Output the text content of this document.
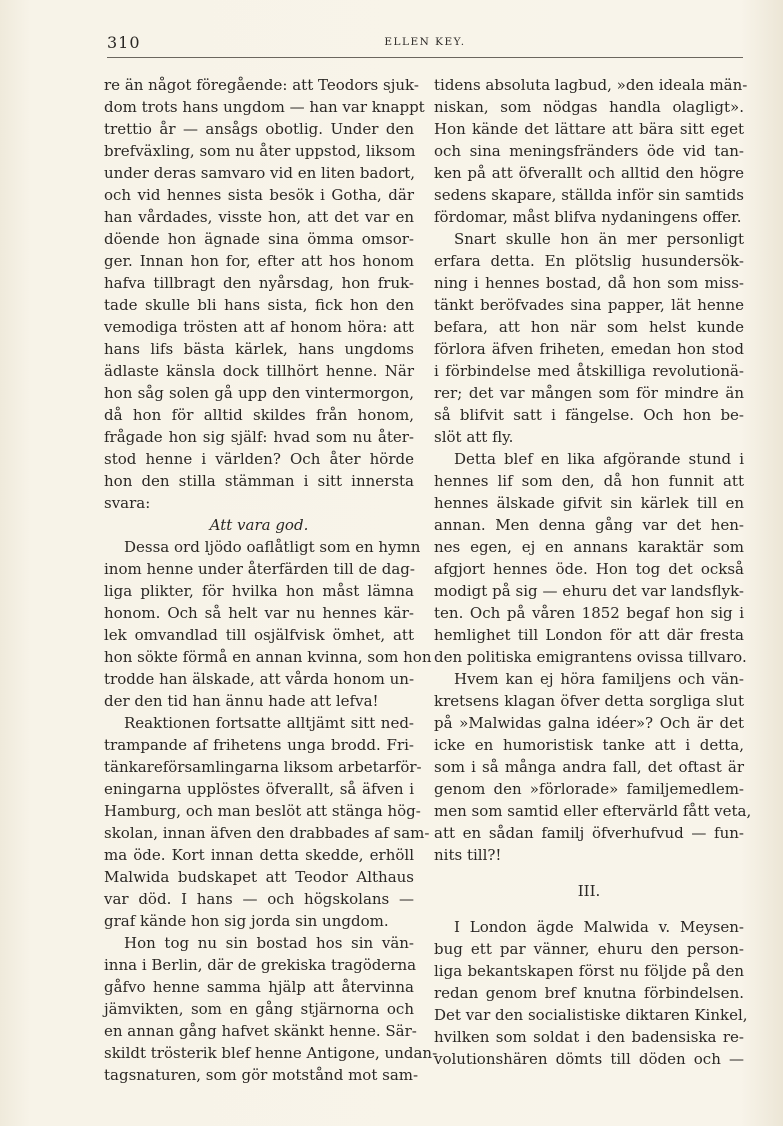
310	ELLEN KEY.
re än något föregående: att Teodors sjuk-
dom trots hans ungdom — han var knappt
trettio år — ansågs obotlig. Under den
brefväxling, som nu åter uppstod, liksom
under deras samvaro vid en liten badort,
och vid hennes sista besök i Gotha, där
han vårdades, visste hon, att det var en
döende hon ägnade sina ömma omsor-
ger. Innan hon for, efter att hos honom
hafva tillbragt den nyårsdag, hon fruk-
tade skulle bli hans sista, fick hon den
vemodiga trösten att af honom höra: att
hans lifs bästa kärlek, hans ungdoms
ädlaste känsla dock tillhört henne. När
hon såg solen gå upp den vintermorgon,
då hon för alltid skildes från honom,
frågade hon sig själf: hvad som nu åter-
stod henne i världen? Och åter hörde
hon den stilla stämman i sitt innersta
svara:
Att vara god.
Dessa ord ljödo oaflåtligt som en hymn
inom henne under återfärden till de dag-
liga plikter, för hvilka hon måst lämna
honom. Och så helt var nu hennes kär-
lek omvandlad till osjälfvisk ömhet, att
hon sökte förmå en annan kvinna, som hon
trodde han älskade, att vårda honom un-
der den tid han ännu hade att lefva!
Reaktionen fortsatte alltjämt sitt ned-
trampande af frihetens unga brodd. Fri-
tänkareförsamlingarna liksom arbetarför-
eningarna upplöstes öfverallt, så äfven i
Hamburg, och man beslöt att stänga hög-
skolan, innan äfven den drabbades af sam-
ma öde. Kort innan detta skedde, erhöll
Malwida budskapet att Teodor Althaus
var död. I hans — och högskolans —
graf kände hon sig jorda sin ungdom.
Hon tog nu sin bostad hos sin vän-
inna i Berlin, där de grekiska tragöderna
gåfvo henne samma hjälp att återvinna
jämvikten, som en gång stjärnorna och
en annan gång hafvet skänkt henne. Sär-
skildt trösterik blef henne Antigone, undan-
tagsnaturen, som gör motstånd mot sam-
tidens absoluta lagbud, »den ideala män-
niskan, som nödgas handla olagligt».
Hon kände det lättare att bära sitt eget
och sina meningsfränders öde vid tan-
ken på att öfverallt och alltid den högre
sedens skapare, ställda inför sin samtids
fördomar, måst blifva nydaningens offer.
Snart skulle hon än mer personligt
erfara detta. En plötslig husundersök-
ning i hennes bostad, då hon som miss-
tänkt beröfvades sina papper, lät henne
befara, att hon när som helst kunde
förlora äfven friheten, emedan hon stod
i förbindelse med åtskilliga revolutionä-
rer; det var mången som för mindre än
så blifvit satt i fängelse. Och hon be-
slöt att fly.
Detta blef en lika afgörande stund i
hennes lif som den, då hon funnit att
hennes älskade gifvit sin kärlek till en
annan. Men denna gång var det hen-
nes egen, ej en annans karaktär som
afgjort hennes öde. Hon tog det också
modigt på sig — ehuru det var landsflyk-
ten. Och på våren 1852 begaf hon sig i
hemlighet till London för att där fresta
den politiska emigrantens ovissa tillvaro.
Hvem kan ej höra familjens och vän-
kretsens klagan öfver detta sorgliga slut
på »Malwidas galna idéer»? Och är det
icke en humoristisk tanke att i detta,
som i så många andra fall, det oftast är
genom den »förlorade» familjemedlem-
men som samtid eller eftervärld fått veta,
att en sådan familj öfverhufvud — fun-
nits till?!
III.
I London ägde Malwida v. Meysen-
bug ett par vänner, ehuru den person-
liga bekantskapen först nu följde på den
redan genom bref knutna förbindelsen.
Det var den socialistiske diktaren Kinkel,
hvilken som soldat i den badensiska re-
volutionshären dömts till döden och —
